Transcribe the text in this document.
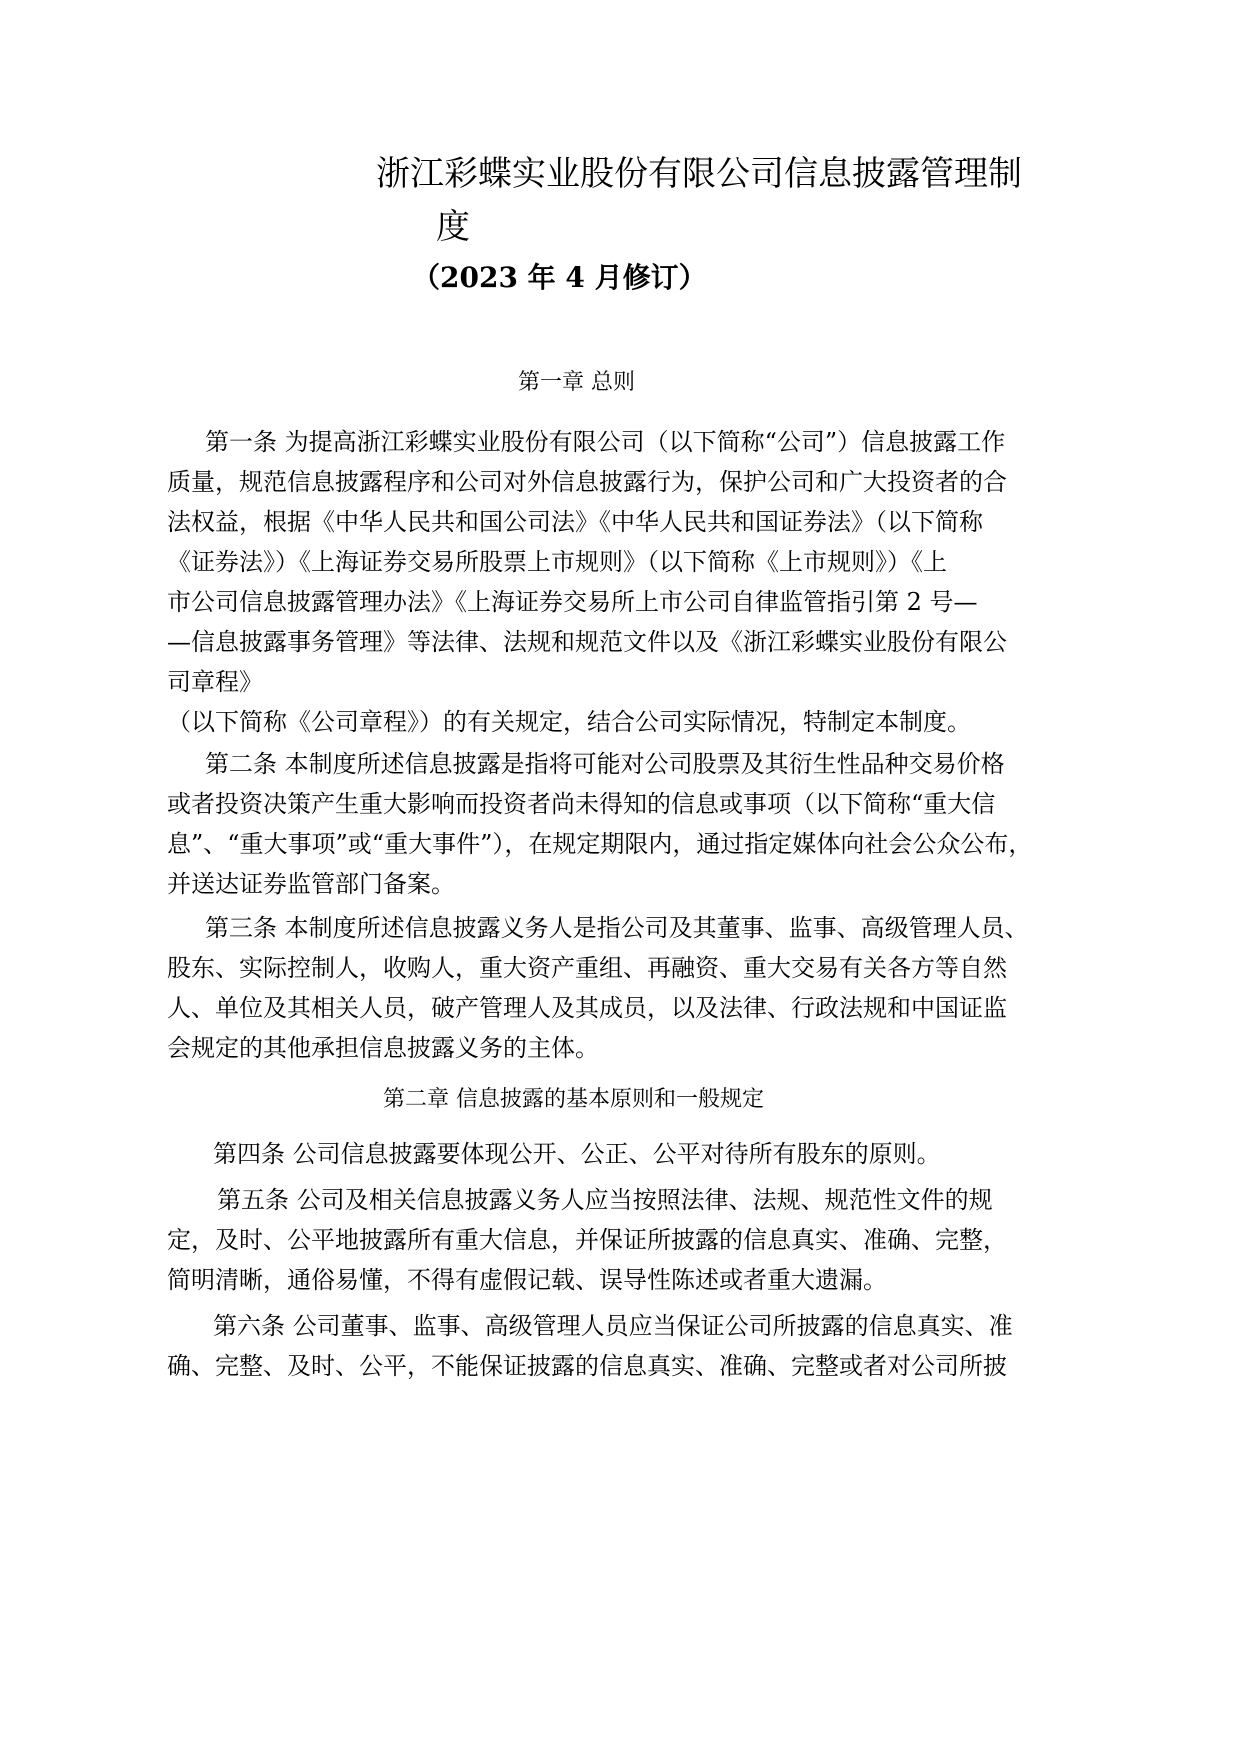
浙江彩蝶实业股份有限公司信息披露管理制
度
（2023 年 4 月修订）
第一章 总则
第一条 为提高浙江彩蝶实业股份有限公司（以下简称“公司”）信息披露工作
质量，规范信息披露程序和公司对外信息披露行为，保护公司和广大投资者的合
法权益，根据《中华人民共和国公司法》《中华人民共和国证券法》（以下简称
《证券法》）《上海证券交易所股票上市规则》（以下简称《上市规则》）《上
市公司信息披露管理办法》《上海证券交易所上市公司自律监管指引第 2 号—
—信息披露事务管理》等法律、法规和规范文件以及《浙江彩蝶实业股份有限公
司章程》
（以下简称《公司章程》）的有关规定，结合公司实际情况，特制定本制度。
第二条 本制度所述信息披露是指将可能对公司股票及其衍生性品种交易价格
或者投资决策产生重大影响而投资者尚未得知的信息或事项（以下简称“重大信
息”、“重大事项”或“重大事件”），在规定期限内，通过指定媒体向社会公众公布，
并送达证券监管部门备案。
第三条 本制度所述信息披露义务人是指公司及其董事、监事、高级管理人员、
股东、实际控制人，收购人，重大资产重组、再融资、重大交易有关各方等自然
人、单位及其相关人员，破产管理人及其成员，以及法律、行政法规和中国证监
会规定的其他承担信息披露义务的主体。
第二章 信息披露的基本原则和一般规定
第四条 公司信息披露要体现公开、公正、公平对待所有股东的原则。
第五条 公司及相关信息披露义务人应当按照法律、法规、规范性文件的规
定，及时、公平地披露所有重大信息，并保证所披露的信息真实、准确、完整，
简明清晰，通俗易懂，不得有虚假记载、误导性陈述或者重大遗漏。
第六条 公司董事、监事、高级管理人员应当保证公司所披露的信息真实、准
确、完整、及时、公平，不能保证披露的信息真实、准确、完整或者对公司所披
